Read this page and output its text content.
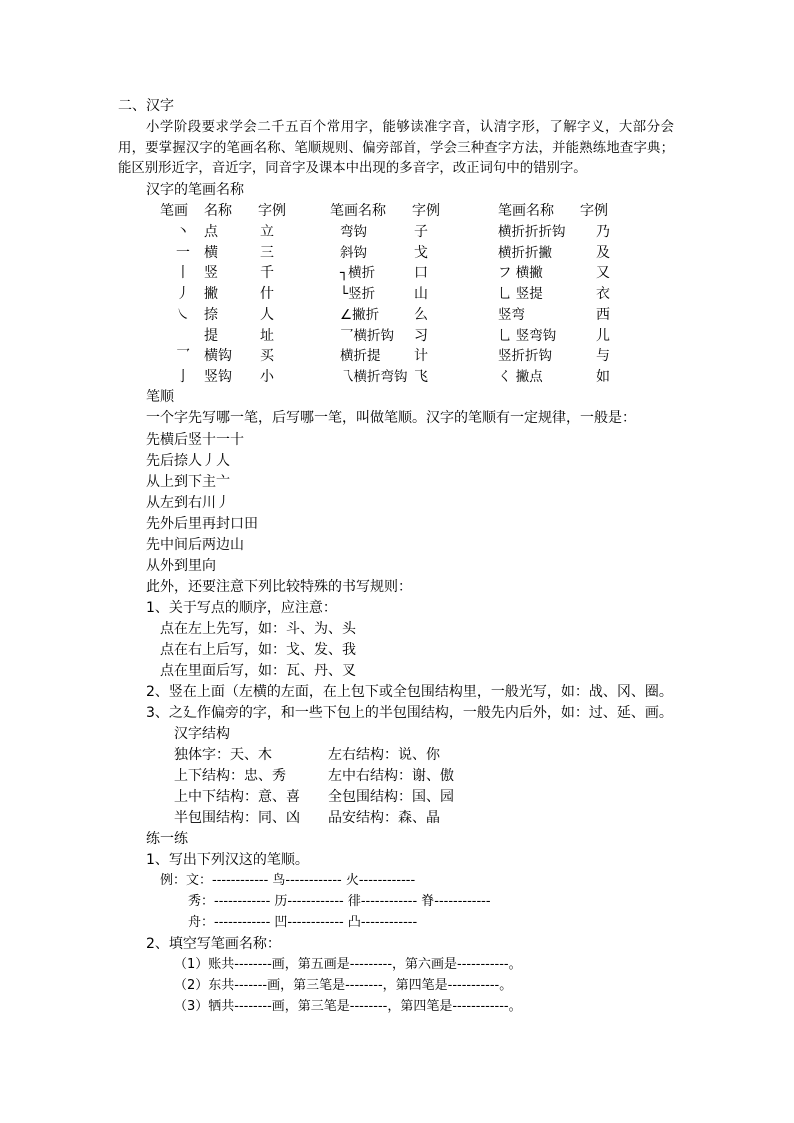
二、汉字
小学阶段要求学会二千五百个常用字，能够读准字音，认清字形，了解字义，大部分会用，要掌握汉字的笔画名称、笔顺规则、偏旁部首，学会三种查字方法，并能熟练地查字典；能区别形近字，音近字，同音字及课本中出现的多音字，改正词句中的错别字。
汉字的笔画名称
笔画 名称 字例	笔画名称 字例	笔画名称 字例
丶 点	立	弯钩	子	横折折折钩 乃
一 横	三	斜钩	戈	横折折撇	及
丨 竖	千	┐横折	口	フ 横撇	又
丿 撇	什	└竖折	山	乚 竖提	衣
㇏ 捺	人	∠撇折 么	竖弯	西
提	址	乛横折钩 习	乚 竖弯钩	儿
乛 横钩 买	横折提 计	竖折折钩	与
亅 竖钩 小	乁横折弯钩 飞	く 撇点	如
笔顺
一个字先写哪一笔，后写哪一笔，叫做笔顺。汉字的笔顺有一定规律，一般是：
先横后竖十一十
先后捺人丿人
从上到下主亠
从左到右川丿
先外后里再封口田
先中间后两边山
从外到里向
此外，还要注意下列比较特殊的书写规则：
1、关于写点的顺序，应注意：
点在左上先写，如：斗、为、头
点在右上后写，如：戈、发、我
点在里面后写，如：瓦、丹、叉
2、竖在上面（左横的左面，在上包下或全包围结构里，一般光写，如：战、冈、圈。
3、之廴作偏旁的字，和一些下包上的半包围结构，一般先内后外，如：过、延、画。
汉字结构
独体字：天、木	左右结构：说、你
上下结构：忠、秀	左中右结构：谢、傲
上中下结构：意、喜 全包围结构：国、园
半包围结构：同、凶 品安结构：森、晶
练一练
1、写出下列汉这的笔顺。
例：文：------------ 鸟------------ 火------------
秀：------------ 历------------ 徘------------ 脊------------
舟：------------ 凹------------ 凸------------
2、填空写笔画名称：
（1）账共--------画，第五画是---------，第六画是-----------。
（2）东共-------画，第三笔是--------，第四笔是-----------。
（3）牺共--------画，第三笔是--------，第四笔是------------。
